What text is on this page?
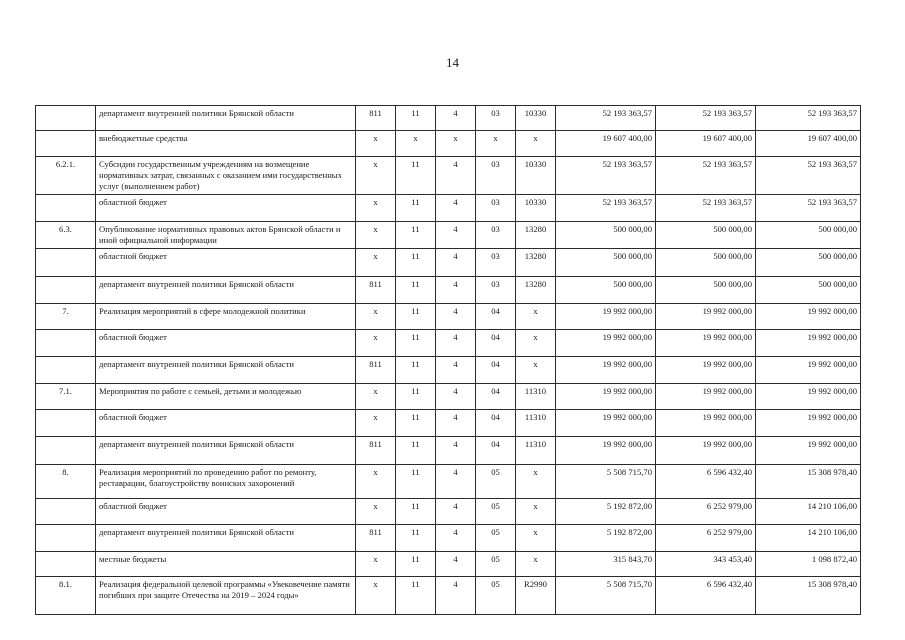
14
	департамент внутренней политики Брянской области	811	11	4	03	10330	52 193 363,57	52 193 363,57	52 193 363,57
	внебюджетные средства	х	х	х	х	х	19 607 400,00	19 607 400,00	19 607 400,00
6.2.1.	Субсидии государственным учреждениям на возмещение нормативных затрат, связанных с оказанием ими государственных услуг (выполнением работ)	х	11	4	03	10330	52 193 363,57	52 193 363,57	52 193 363,57
	областной бюджет	х	11	4	03	10330	52 193 363,57	52 193 363,57	52 193 363,57
6.3.	Опубликование нормативных правовых актов Брянской области и иной официальной информации	х	11	4	03	13280	500 000,00	500 000,00	500 000,00
	областной бюджет	х	11	4	03	13280	500 000,00	500 000,00	500 000,00
	департамент внутренней политики Брянской области	811	11	4	03	13280	500 000,00	500 000,00	500 000,00
7.	Реализация мероприятий в сфере молодежной политики	х	11	4	04	х	19 992 000,00	19 992 000,00	19 992 000,00
	областной бюджет	х	11	4	04	х	19 992 000,00	19 992 000,00	19 992 000,00
	департамент внутренней политики Брянской области	811	11	4	04	х	19 992 000,00	19 992 000,00	19 992 000,00
7.1.	Мероприятия по работе с семьей, детьми и молодежью	х	11	4	04	11310	19 992 000,00	19 992 000,00	19 992 000,00
	областной бюджет	х	11	4	04	11310	19 992 000,00	19 992 000,00	19 992 000,00
	департамент внутренней политики Брянской области	811	11	4	04	11310	19 992 000,00	19 992 000,00	19 992 000,00
8.	Реализация мероприятий по проведению работ по ремонту, реставрации, благоустройству воинских захоронений	х	11	4	05	х	5 508 715,70	6 596 432,40	15 308 978,40
	областной бюджет	х	11	4	05	х	5 192 872,00	6 252 979,00	14 210 106,00
	департамент внутренней политики Брянской области	811	11	4	05	х	5 192 872,00	6 252 979,00	14 210 106,00
	местные бюджеты	х	11	4	05	х	315 843,70	343 453,40	1 098 872,40
8.1.	Реализация федеральной целевой программы «Увековечение памяти погибших при защите Отечества на 2019 – 2024 годы»	х	11	4	05	R2990	5 508 715,70	6 596 432,40	15 308 978,40
